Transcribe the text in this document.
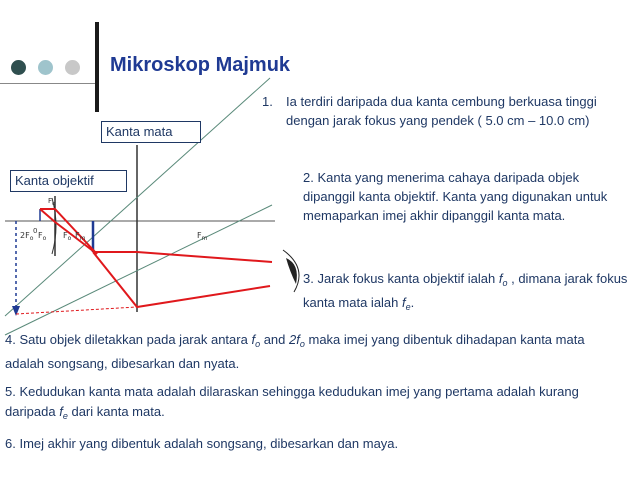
Mikroskop Majmuk
$2F_o$
0 $F_o$ $F_o$ $F_m$
$F_o$
$F_m$
Kanta mata
Kanta objektif
1. Ia terdiri daripada dua kanta cembung berkuasa tinggi dengan jarak fokus yang pendek ( 5.0 cm – 10.0 cm)
2. Kanta yang menerima cahaya daripada objek dipanggil kanta objektif. Kanta yang digunakan untuk memaparkan imej akhir dipanggil kanta mata.
3. Jarak fokus kanta objektif ialah $f_o$ , dimana jarak fokus kanta mata ialah $f_e$.
4. Satu objek diletakkan pada jarak antara $f_o$ and $2f_o$ maka imej yang dibentuk dihadapan kanta mata adalah songsang, dibesarkan dan nyata.
5. Kedudukan kanta mata adalah dilaraskan sehingga kedudukan imej yang pertama adalah kurang daripada $f_e$ dari kanta mata.
6. Imej akhir yang dibentuk adalah songsang, dibesarkan dan maya.
